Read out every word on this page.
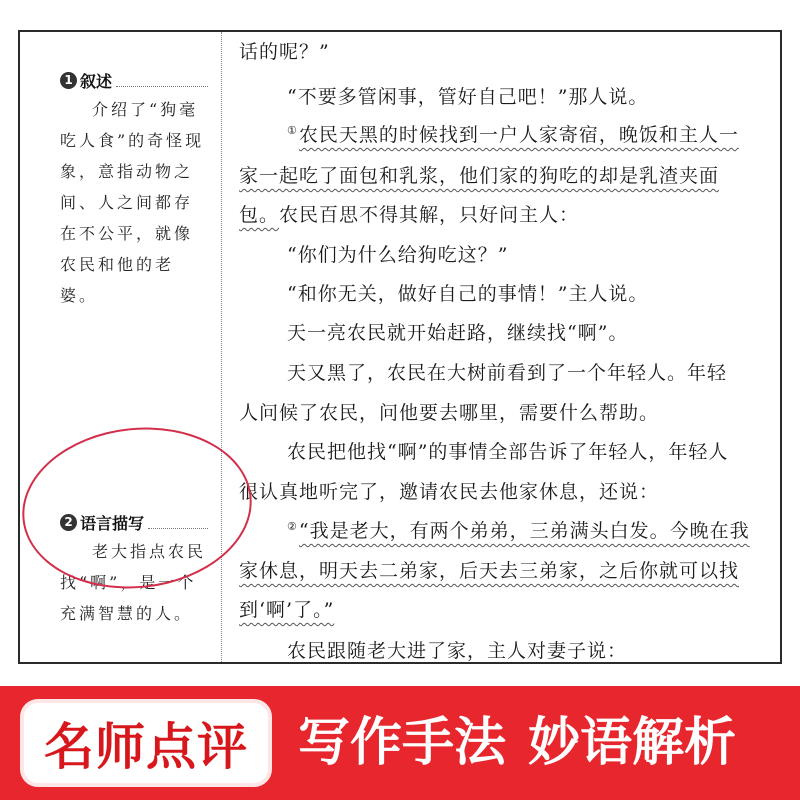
1 叙述
介绍了“狗毫吃人食”的奇怪现象，意指动物之间、人之间都存在不公平，就像农民和他的老婆。
2 语言描写
老大指点农民找“啊”，是一个充满智慧的人。
话的呢？”
“不要多管闲事，管好自己吧！”那人说。
①农民天黑的时候找到一户人家寄宿，晚饭和主人一
家一起吃了面包和乳浆，他们家的狗吃的却是乳渣夹面
包。农民百思不得其解，只好问主人：
“你们为什么给狗吃这？”
“和你无关，做好自己的事情！”主人说。
天一亮农民就开始赶路，继续找“啊”。
天又黑了，农民在大树前看到了一个年轻人。年轻
人问候了农民，问他要去哪里，需要什么帮助。
农民把他找“啊”的事情全部告诉了年轻人，年轻人
很认真地听完了，邀请农民去他家休息，还说：
②“我是老大，有两个弟弟，三弟满头白发。今晚在我
家休息，明天去二弟家，后天去三弟家，之后你就可以找
到‘啊’了。”
农民跟随老大进了家，主人对妻子说：
名师点评 写作手法 妙语解析
